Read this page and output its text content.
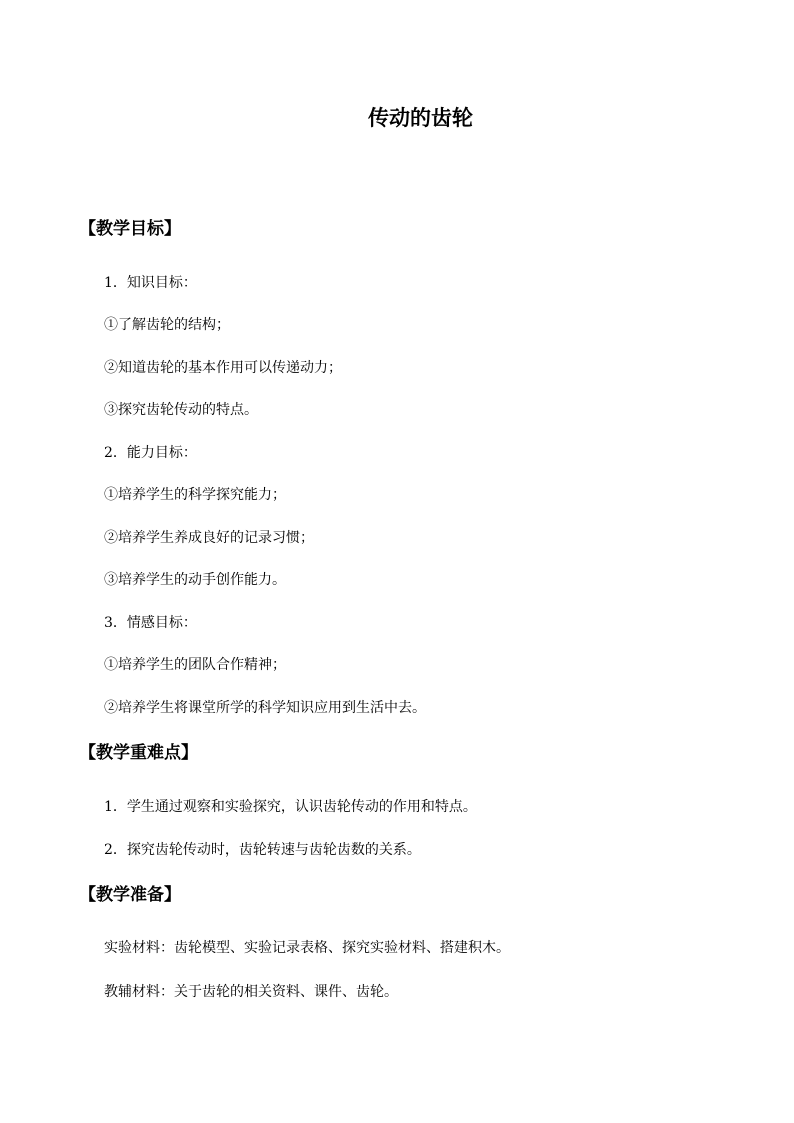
传动的齿轮
【教学目标】

1．知识目标：

①了解齿轮的结构；

②知道齿轮的基本作用可以传递动力；

③探究齿轮传动的特点。

2．能力目标：

①培养学生的科学探究能力；

②培养学生养成良好的记录习惯；

③培养学生的动手创作能力。

3．情感目标：

①培养学生的团队合作精神；

②培养学生将课堂所学的科学知识应用到生活中去。

【教学重难点】

1．学生通过观察和实验探究，认识齿轮传动的作用和特点。

2．探究齿轮传动时，齿轮转速与齿轮齿数的关系。

【教学准备】

实验材料：齿轮模型、实验记录表格、探究实验材料、搭建积木。

教辅材料：关于齿轮的相关资料、课件、齿轮。
